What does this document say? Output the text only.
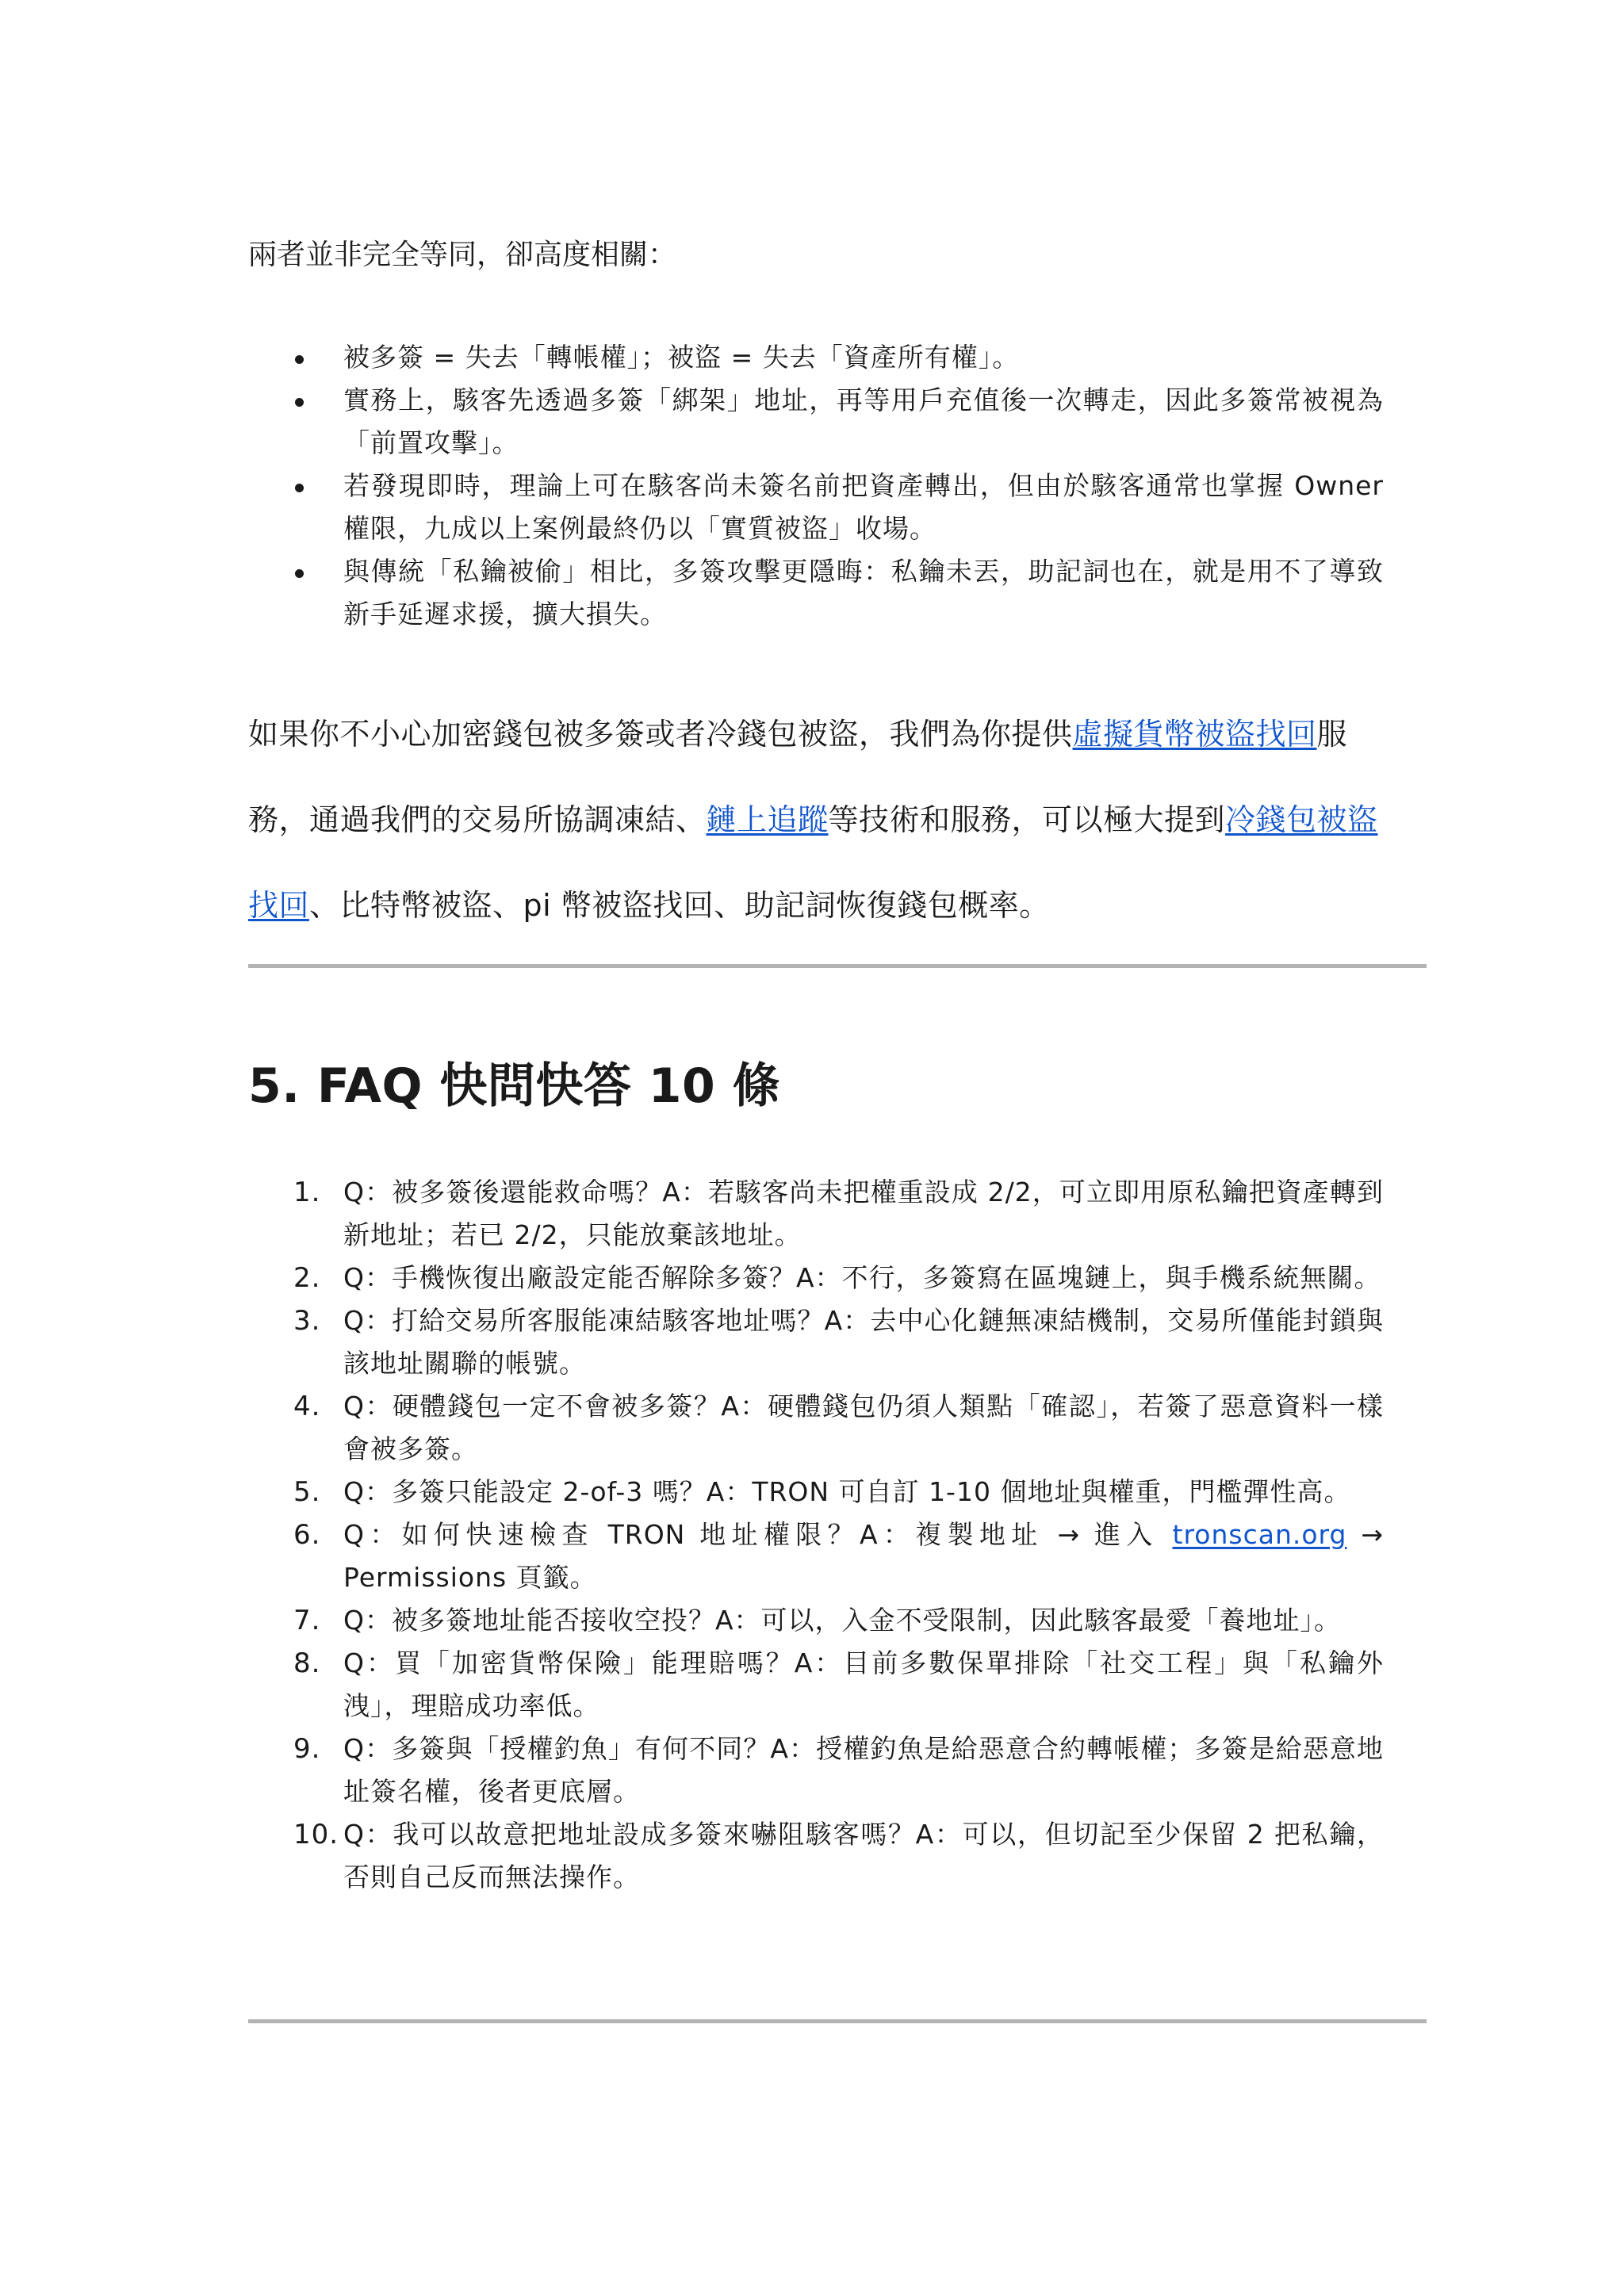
兩者並非完全等同，卻高度相關：
被多簽 = 失去「轉帳權」；被盜 = 失去「資產所有權」。
實務上，駭客先透過多簽「綁架」地址，再等用戶充值後一次轉走，因此多簽常被視為「前置攻擊」。
若發現即時，理論上可在駭客尚未簽名前把資產轉出，但由於駭客通常也掌握 Owner 權限，九成以上案例最終仍以「實質被盜」收場。
與傳統「私鑰被偷」相比，多簽攻擊更隱晦：私鑰未丟，助記詞也在，就是用不了導致新手延遲求援，擴大損失。

如果你不小心加密錢包被多簽或者冷錢包被盜，我們為你提供虛擬貨幣被盜找回服務，通過我們的交易所協調凍結、鏈上追蹤等技術和服務，可以極大提到冷錢包被盜找回、比特幣被盜、pi 幣被盜找回、助記詞恢復錢包概率。

5. FAQ 快問快答 10 條
1. Q：被多簽後還能救命嗎？A：若駭客尚未把權重設成 2/2，可立即用原私鑰把資產轉到新地址；若已 2/2，只能放棄該地址。
2. Q：手機恢復出廠設定能否解除多簽？A：不行，多簽寫在區塊鏈上，與手機系統無關。
3. Q：打給交易所客服能凍結駭客地址嗎？A：去中心化鏈無凍結機制，交易所僅能封鎖與該地址關聯的帳號。
4. Q：硬體錢包一定不會被多簽？A：硬體錢包仍須人類點「確認」，若簽了惡意資料一樣會被多簽。
5. Q：多簽只能設定 2-of-3 嗎？A：TRON 可自訂 1-10 個地址與權重，門檻彈性高。
6. Q：如何快速檢查 TRON 地址權限？A：複製地址 → 進入 tronscan.org → Permissions 頁籤。
7. Q：被多簽地址能否接收空投？A：可以，入金不受限制，因此駭客最愛「養地址」。
8. Q：買「加密貨幣保險」能理賠嗎？A：目前多數保單排除「社交工程」與「私鑰外洩」，理賠成功率低。
9. Q：多簽與「授權釣魚」有何不同？A：授權釣魚是給惡意合約轉帳權；多簽是給惡意地址簽名權，後者更底層。
10. Q：我可以故意把地址設成多簽來嚇阻駭客嗎？A：可以，但切記至少保留 2 把私鑰，否則自己反而無法操作。
